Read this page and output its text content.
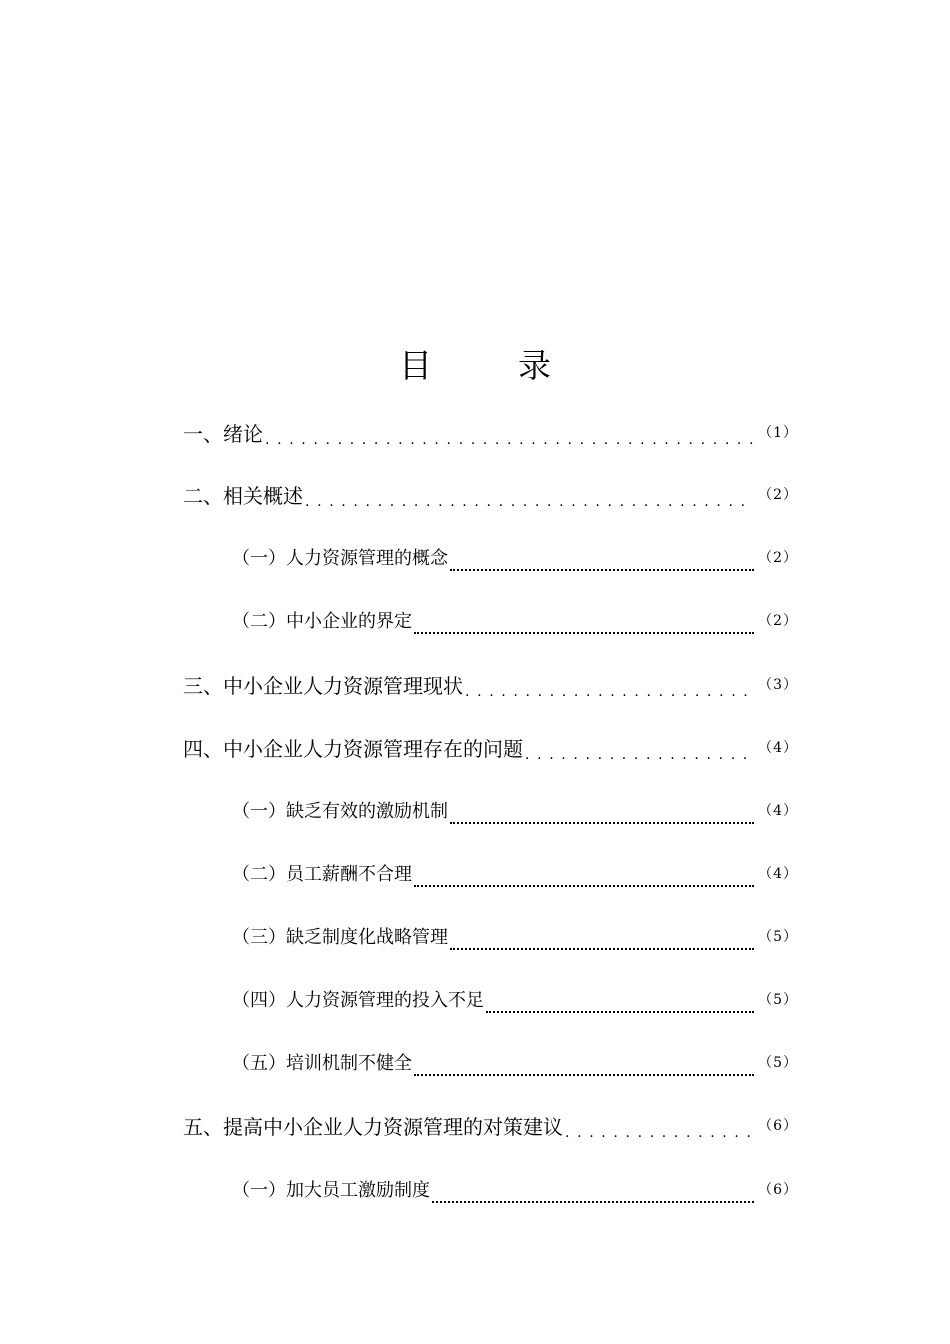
目	录
一、绪论 . . .	（1）
二、相关概述 . . .	（2）
（一）人力资源管理的概念	（2）
（二）中小企业的界定	（2）
三、中小企业人力资源管理现状 . . .	（3）
四、中小企业人力资源管理存在的问题 . . .	（4）
（一）缺乏有效的激励机制	（4）
（二）员工薪酬不合理	（4）
（三）缺乏制度化战略管理	（5）
（四）人力资源管理的投入不足	（5）
（五）培训机制不健全	（5）
五、提高中小企业人力资源管理的对策建议 . . .	（6）
（一）加大员工激励制度	（6）
